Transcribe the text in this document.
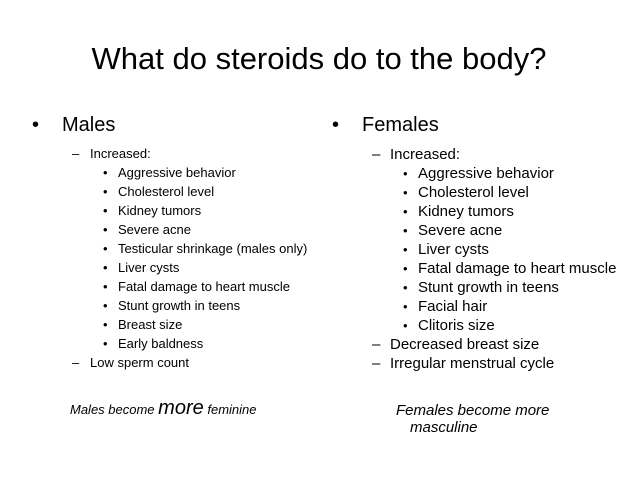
What do steroids do to the body?
• Males
– Increased:
• Aggressive behavior
• Cholesterol level
• Kidney tumors
• Severe acne
• Testicular shrinkage (males only)
• Liver cysts
• Fatal damage to heart muscle
• Stunt growth in teens
• Breast size
• Early baldness
– Low sperm count
Males become more feminine
• Females
– Increased:
• Aggressive behavior
• Cholesterol level
• Kidney tumors
• Severe acne
• Liver cysts
• Fatal damage to heart muscle
• Stunt growth in teens
• Facial hair
• Clitoris size
– Decreased breast size
– Irregular menstrual cycle
Females become more
masculine
